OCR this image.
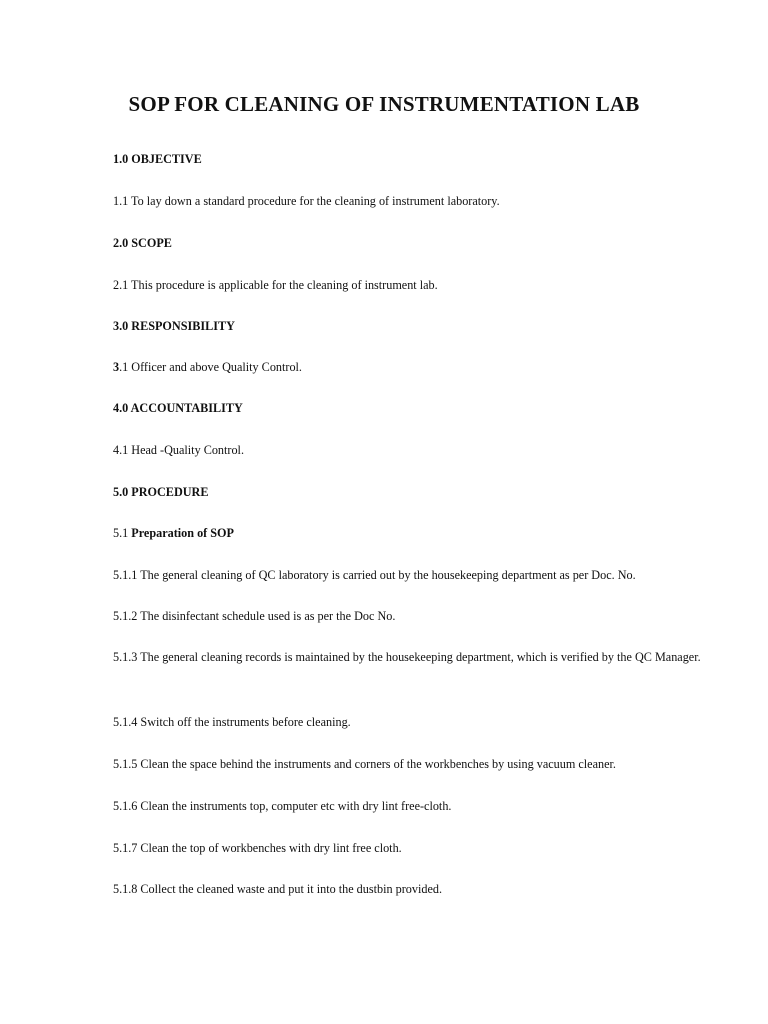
SOP FOR CLEANING OF INSTRUMENTATION LAB
1.0 OBJECTIVE
1.1 To lay down a standard procedure for the cleaning of instrument laboratory.
2.0 SCOPE
2.1 This procedure is applicable for the cleaning of instrument lab.
3.0 RESPONSIBILITY
3.1 Officer and above Quality Control.
4.0 ACCOUNTABILITY
4.1 Head -Quality Control.
5.0 PROCEDURE
5.1 Preparation of SOP
5.1.1 The general cleaning of QC laboratory is carried out by the housekeeping department as per Doc. No.
5.1.2 The disinfectant schedule used is as per the Doc No.
5.1.3 The general cleaning records is maintained by the housekeeping department, which is verified by the QC Manager.
5.1.4 Switch off the instruments before cleaning.
5.1.5 Clean the space behind the instruments and corners of the workbenches by using vacuum cleaner.
5.1.6 Clean the instruments top, computer etc with dry lint free-cloth.
5.1.7 Clean the top of workbenches with dry lint free cloth.
5.1.8 Collect the cleaned waste and put it into the dustbin provided.
